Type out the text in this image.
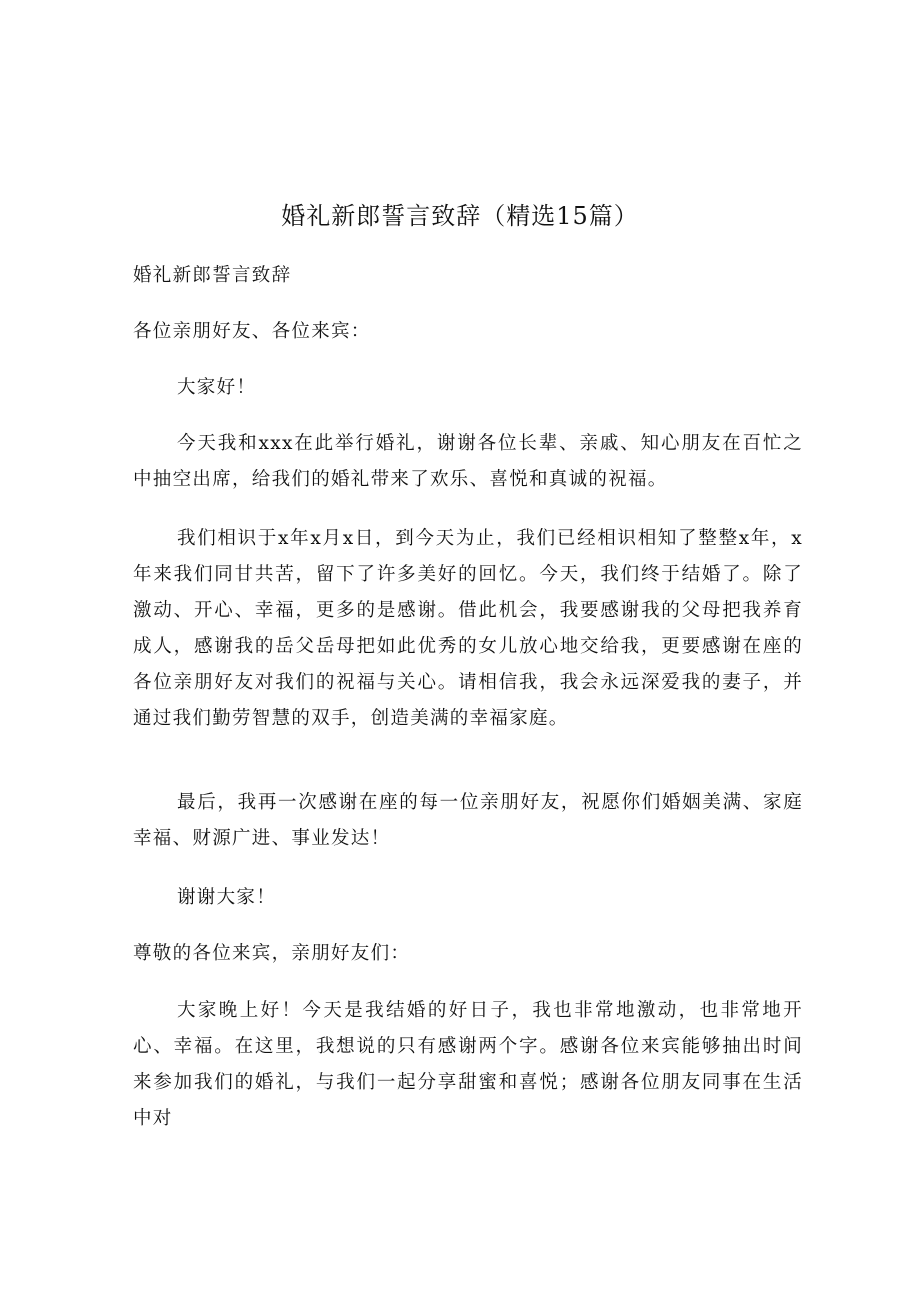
婚礼新郎誓言致辞（精选15篇）

婚礼新郎誓言致辞

各位亲朋好友、各位来宾：

大家好！

今天我和xxx在此举行婚礼，谢谢各位长辈、亲戚、知心朋友在百忙之中抽空出席，给我们的婚礼带来了欢乐、喜悦和真诚的祝福。

我们相识于x年x月x日，到今天为止，我们已经相识相知了整整x年，x年来我们同甘共苦，留下了许多美好的回忆。今天，我们终于结婚了。除了激动、开心、幸福，更多的是感谢。借此机会，我要感谢我的父母把我养育成人，感谢我的岳父岳母把如此优秀的女儿放心地交给我，更要感谢在座的各位亲朋好友对我们的祝福与关心。请相信我，我会永远深爱我的妻子，并通过我们勤劳智慧的双手，创造美满的幸福家庭。

最后，我再一次感谢在座的每一位亲朋好友，祝愿你们婚姻美满、家庭幸福、财源广进、事业发达！

谢谢大家！

尊敬的各位来宾，亲朋好友们：

大家晚上好！今天是我结婚的好日子，我也非常地激动，也非常地开心、幸福。在这里，我想说的只有感谢两个字。感谢各位来宾能够抽出时间来参加我们的婚礼，与我们一起分享甜蜜和喜悦；感谢各位朋友同事在生活中对
